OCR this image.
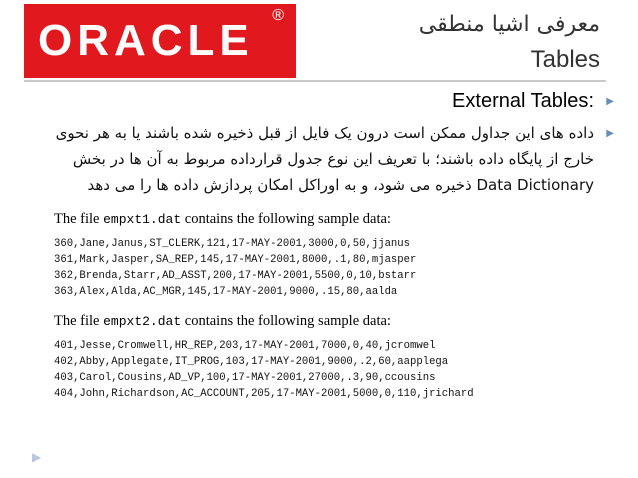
ORACLE
®	معرفی اشیا منطقی
Tables
▶
:External Tables
▶
داده های این جداول ممکن است درون یک فایل از قبل ذخیره شده باشند یا به هر نحوی خارج از پایگاه داده باشند؛ با تعریف این نوع جدول قرارداده مربوط به آن ها در بخش Data Dictionary ذخیره می شود، و به اوراکل امکان پردازش داده ها را می دهد
The file empxt1.dat contains the following sample data:
360,Jane,Janus,ST_CLERK,121,17-MAY-2001,3000,0,50,jjanus
361,Mark,Jasper,SA_REP,145,17-MAY-2001,8000,.1,80,mjasper
362,Brenda,Starr,AD_ASST,200,17-MAY-2001,5500,0,10,bstarr
363,Alex,Alda,AC_MGR,145,17-MAY-2001,9000,.15,80,aalda
The file empxt2.dat contains the following sample data:
401,Jesse,Cromwell,HR_REP,203,17-MAY-2001,7000,0,40,jcromwel
402,Abby,Applegate,IT_PROG,103,17-MAY-2001,9000,.2,60,aapplega
403,Carol,Cousins,AD_VP,100,17-MAY-2001,27000,.3,90,ccousins
404,John,Richardson,AC_ACCOUNT,205,17-MAY-2001,5000,0,110,jrichard
▶
